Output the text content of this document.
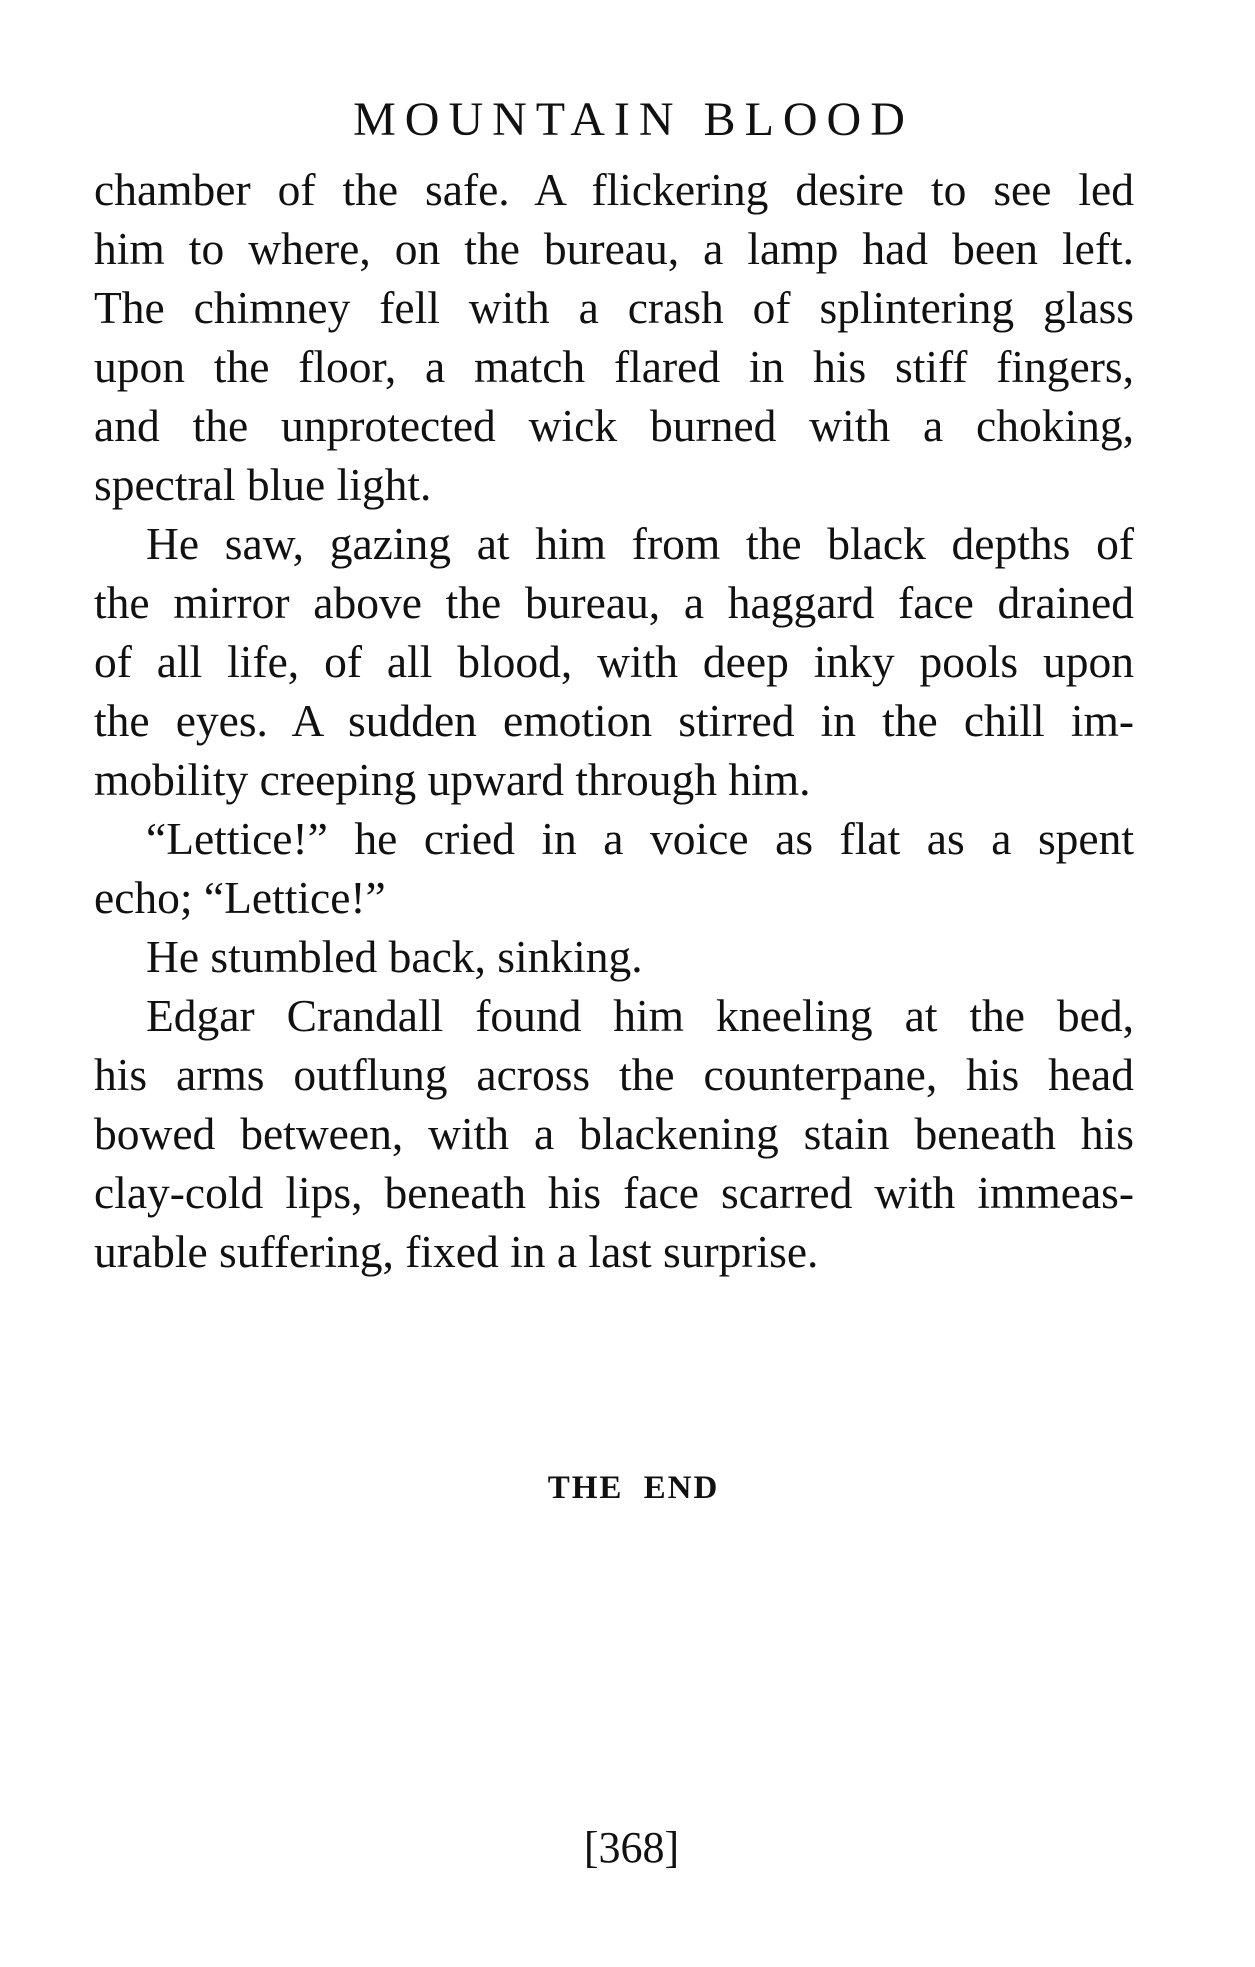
MOUNTAIN BLOOD

chamber of the safe. A flickering desire to see led
him to where, on the bureau, a lamp had been left.
The chimney fell with a crash of splintering glass
upon the floor, a match flared in his stiff fingers,
and the unprotected wick burned with a choking,
spectral blue light.

He saw, gazing at him from the black depths of
the mirror above the bureau, a haggard face drained
of all life, of all blood, with deep inky pools upon
the eyes. A sudden emotion stirred in the chill im-
mobility creeping upward through him.

“Lettice!” he cried in a voice as flat as a spent
echo; “Lettice!”

He stumbled back, sinking.

Edgar Crandall found him kneeling at the bed,
his arms outflung across the counterpane, his head
bowed between, with a blackening stain beneath his
clay-cold lips, beneath his face scarred with immeas-
urable suffering, fixed in a last surprise.

THE END
[368]
